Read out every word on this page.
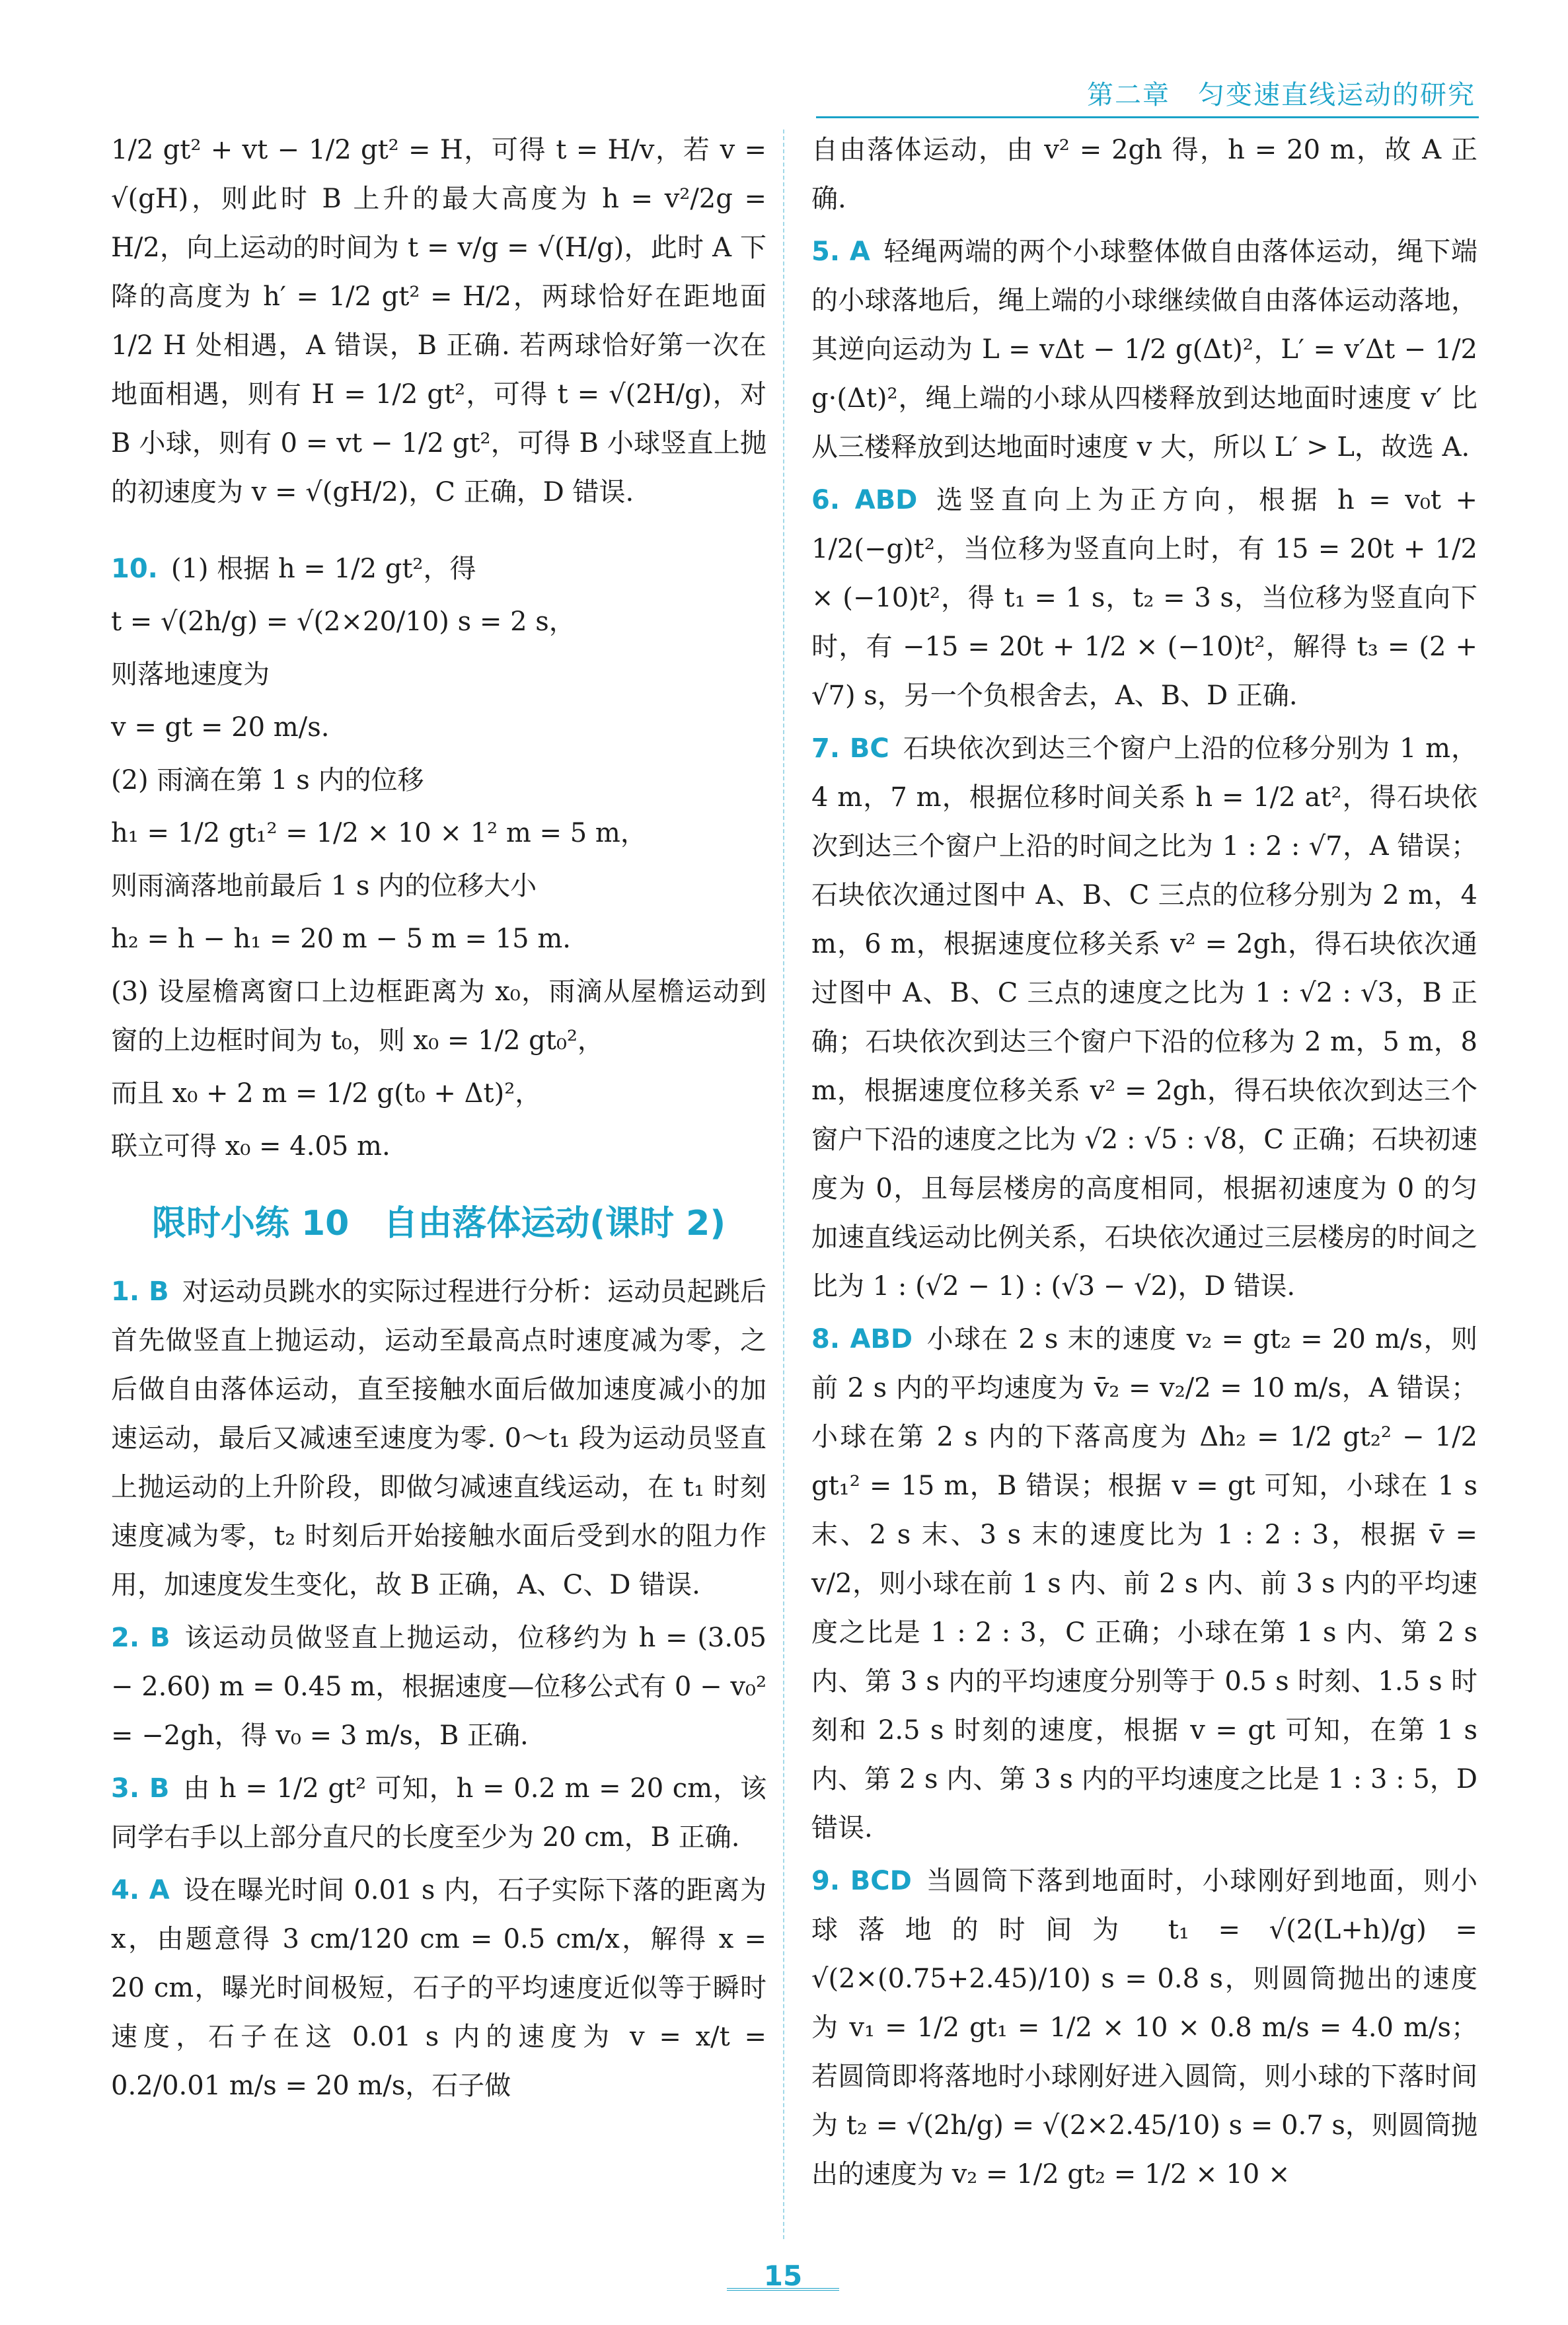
第二章　匀变速直线运动的研究

1/2 gt² + vt − 1/2 gt² = H，可得 t = H/v，若 v = √(gH)，则此时 B 上升的最大高度为 h = v²/2g = H/2，向上运动的时间为 t = v/g = √(H/g)，此时 A 下降的高度为 h′ = 1/2 gt² = H/2，两球恰好在距地面 1/2 H 处相遇，A 错误，B 正确. 若两球恰好第一次在地面相遇，则有 H = 1/2 gt²，可得 t = √(2H/g)，对 B 小球，则有 0 = vt − 1/2 gt²，可得 B 小球竖直上抛的初速度为 v = √(gH/2)，C 正确，D 错误.

10. (1) 根据 h = 1/2 gt²，得

t = √(2h/g) = √(2×20/10) s = 2 s，

则落地速度为

v = gt = 20 m/s.

(2) 雨滴在第 1 s 内的位移

h₁ = 1/2 gt₁² = 1/2 × 10 × 1² m = 5 m，

则雨滴落地前最后 1 s 内的位移大小

h₂ = h − h₁ = 20 m − 5 m = 15 m.

(3) 设屋檐离窗口上边框距离为 x₀，雨滴从屋檐运动到窗的上边框时间为 t₀，则 x₀ = 1/2 gt₀²，

而且 x₀ + 2 m = 1/2 g(t₀ + Δt)²，

联立可得 x₀ = 4.05 m.

限时小练 10　自由落体运动(课时 2)

1. B 对运动员跳水的实际过程进行分析：运动员起跳后首先做竖直上抛运动，运动至最高点时速度减为零，之后做自由落体运动，直至接触水面后做加速度减小的加速运动，最后又减速至速度为零. 0～t₁ 段为运动员竖直上抛运动的上升阶段，即做匀减速直线运动，在 t₁ 时刻速度减为零，t₂ 时刻后开始接触水面后受到水的阻力作用，加速度发生变化，故 B 正确，A、C、D 错误.

2. B 该运动员做竖直上抛运动，位移约为 h = (3.05 − 2.60) m = 0.45 m，根据速度—位移公式有 0 − v₀² = −2gh，得 v₀ = 3 m/s，B 正确.

3. B 由 h = 1/2 gt² 可知，h = 0.2 m = 20 cm，该同学右手以上部分直尺的长度至少为 20 cm，B 正确.

4. A 设在曝光时间 0.01 s 内，石子实际下落的距离为 x，由题意得 3 cm/120 cm = 0.5 cm/x，解得 x = 20 cm，曝光时间极短，石子的平均速度近似等于瞬时速度，石子在这 0.01 s 内的速度为 v = x/t = 0.2/0.01 m/s = 20 m/s，石子做

自由落体运动，由 v² = 2gh 得，h = 20 m，故 A 正确.

5. A 轻绳两端的两个小球整体做自由落体运动，绳下端的小球落地后，绳上端的小球继续做自由落体运动落地，其逆向运动为 L = vΔt − 1/2 g(Δt)²，L′ = v′Δt − 1/2 g·(Δt)²，绳上端的小球从四楼释放到达地面时速度 v′ 比从三楼释放到达地面时速度 v 大，所以 L′ > L，故选 A.

6. ABD 选竖直向上为正方向，根据 h = v₀t + 1/2(−g)t²，当位移为竖直向上时，有 15 = 20t + 1/2 × (−10)t²，得 t₁ = 1 s，t₂ = 3 s，当位移为竖直向下时，有 −15 = 20t + 1/2 × (−10)t²，解得 t₃ = (2 + √7) s，另一个负根舍去，A、B、D 正确.

7. BC 石块依次到达三个窗户上沿的位移分别为 1 m，4 m，7 m，根据位移时间关系 h = 1/2 at²，得石块依次到达三个窗户上沿的时间之比为 1 : 2 : √7，A 错误；石块依次通过图中 A、B、C 三点的位移分别为 2 m，4 m，6 m，根据速度位移关系 v² = 2gh，得石块依次通过图中 A、B、C 三点的速度之比为 1 : √2 : √3，B 正确；石块依次到达三个窗户下沿的位移为 2 m，5 m，8 m，根据速度位移关系 v² = 2gh，得石块依次到达三个窗户下沿的速度之比为 √2 : √5 : √8，C 正确；石块初速度为 0，且每层楼房的高度相同，根据初速度为 0 的匀加速直线运动比例关系，石块依次通过三层楼房的时间之比为 1 : (√2 − 1) : (√3 − √2)，D 错误.

8. ABD 小球在 2 s 末的速度 v₂ = gt₂ = 20 m/s，则前 2 s 内的平均速度为 v̄₂ = v₂/2 = 10 m/s，A 错误；小球在第 2 s 内的下落高度为 Δh₂ = 1/2 gt₂² − 1/2 gt₁² = 15 m，B 错误；根据 v = gt 可知，小球在 1 s 末、2 s 末、3 s 末的速度比为 1 : 2 : 3，根据 v̄ = v/2，则小球在前 1 s 内、前 2 s 内、前 3 s 内的平均速度之比是 1 : 2 : 3，C 正确；小球在第 1 s 内、第 2 s 内、第 3 s 内的平均速度分别等于 0.5 s 时刻、1.5 s 时刻和 2.5 s 时刻的速度，根据 v = gt 可知，在第 1 s 内、第 2 s 内、第 3 s 内的平均速度之比是 1 : 3 : 5，D 错误.

9. BCD 当圆筒下落到地面时，小球刚好到地面，则小球落地的时间为 t₁ = √(2(L+h)/g) = √(2×(0.75+2.45)/10) s = 0.8 s，则圆筒抛出的速度为 v₁ = 1/2 gt₁ = 1/2 × 10 × 0.8 m/s = 4.0 m/s；若圆筒即将落地时小球刚好进入圆筒，则小球的下落时间为 t₂ = √(2h/g) = √(2×2.45/10) s = 0.7 s，则圆筒抛出的速度为 v₂ = 1/2 gt₂ = 1/2 × 10 ×

15
